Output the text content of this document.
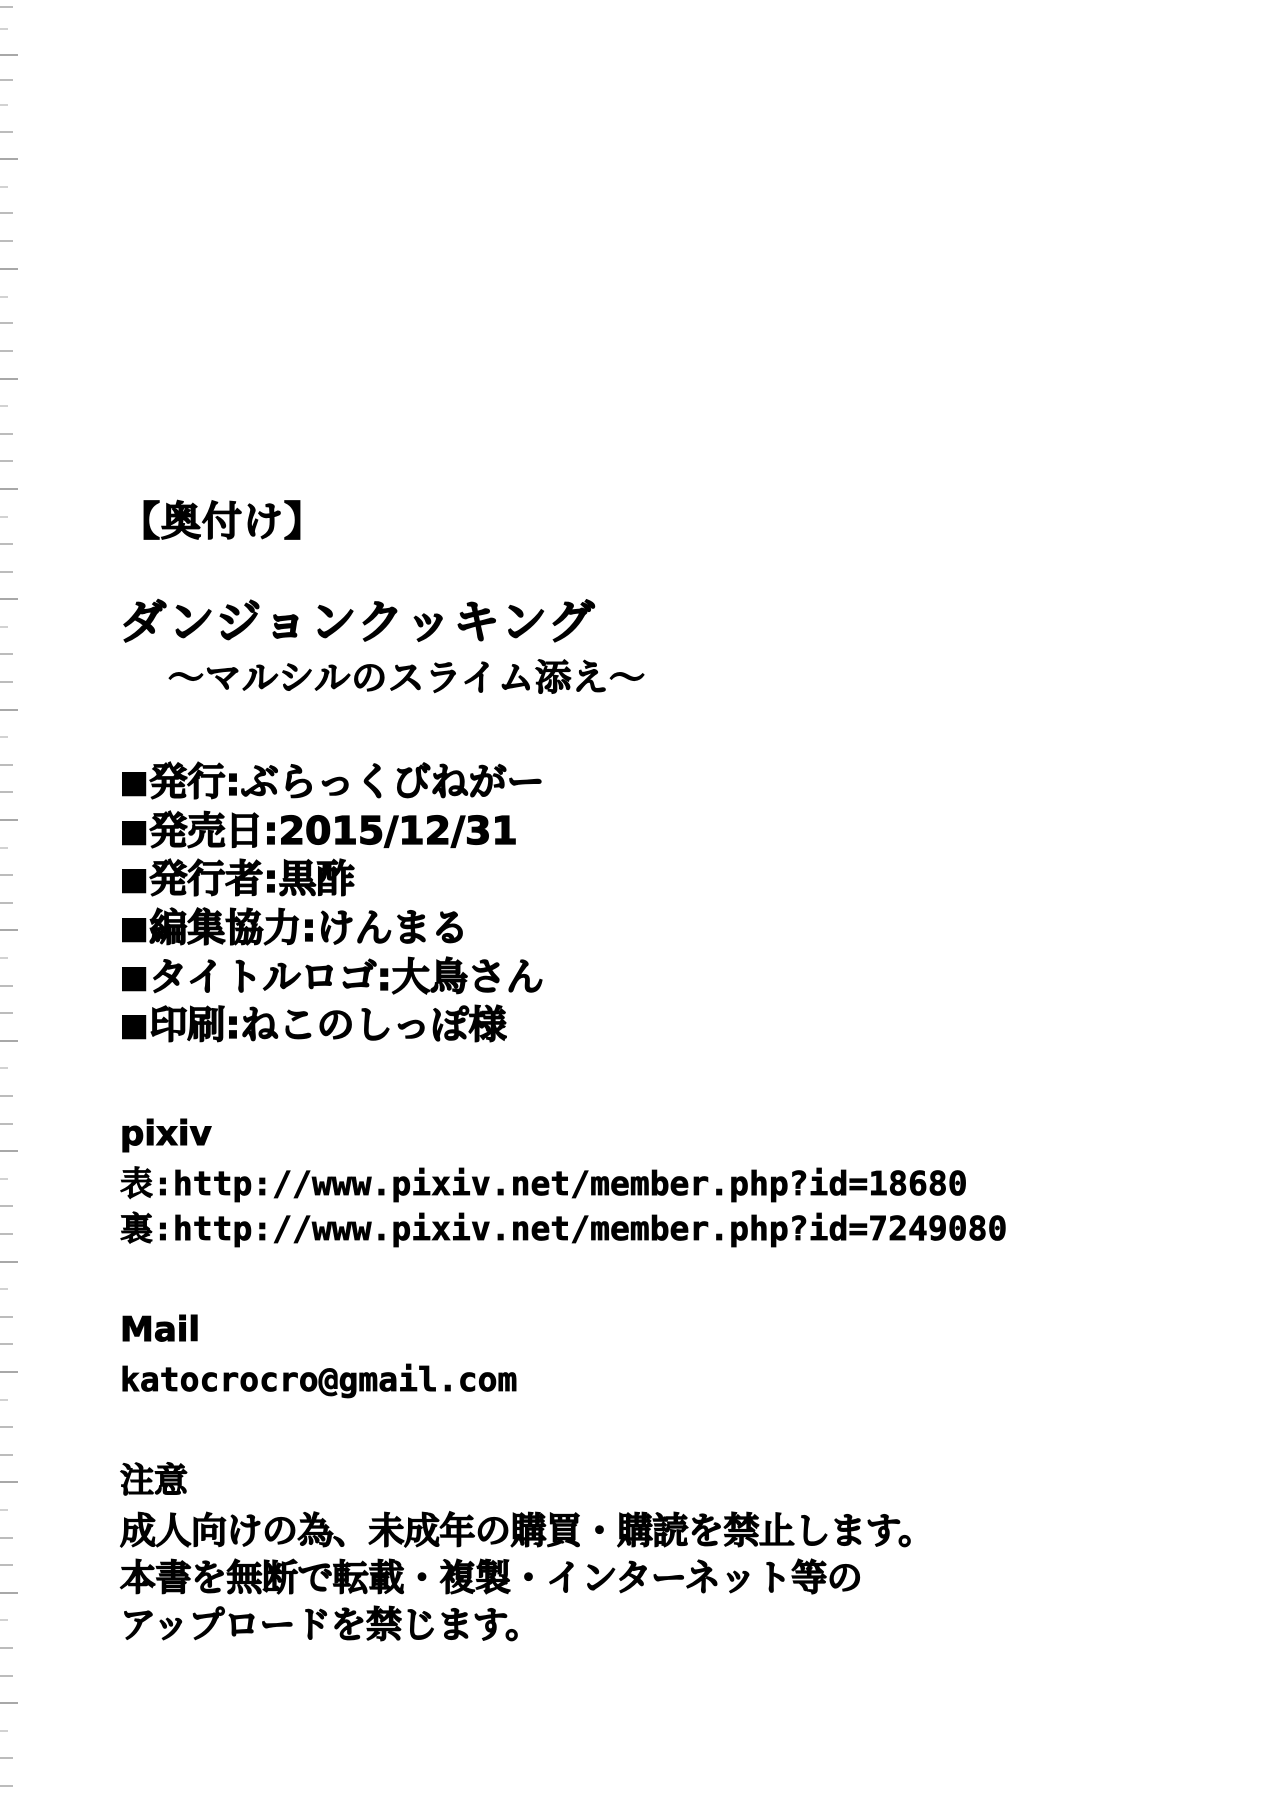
【奥付け】
ダンジョンクッキング
〜マルシルのスライム添え〜
■発行:ぶらっくびねがー
■発売日:2015/12/31
■発行者:黒酢
■編集協力:けんまる
■タイトルロゴ:大鳥さん
■印刷:ねこのしっぽ様
pixiv
表:http://www.pixiv.net/member.php?id=18680
裏:http://www.pixiv.net/member.php?id=7249080
Mail
katocrocro@gmail.com
注意
成人向けの為、未成年の購買・購読を禁止します。
本書を無断で転載・複製・インターネット等の
アップロードを禁じます。
